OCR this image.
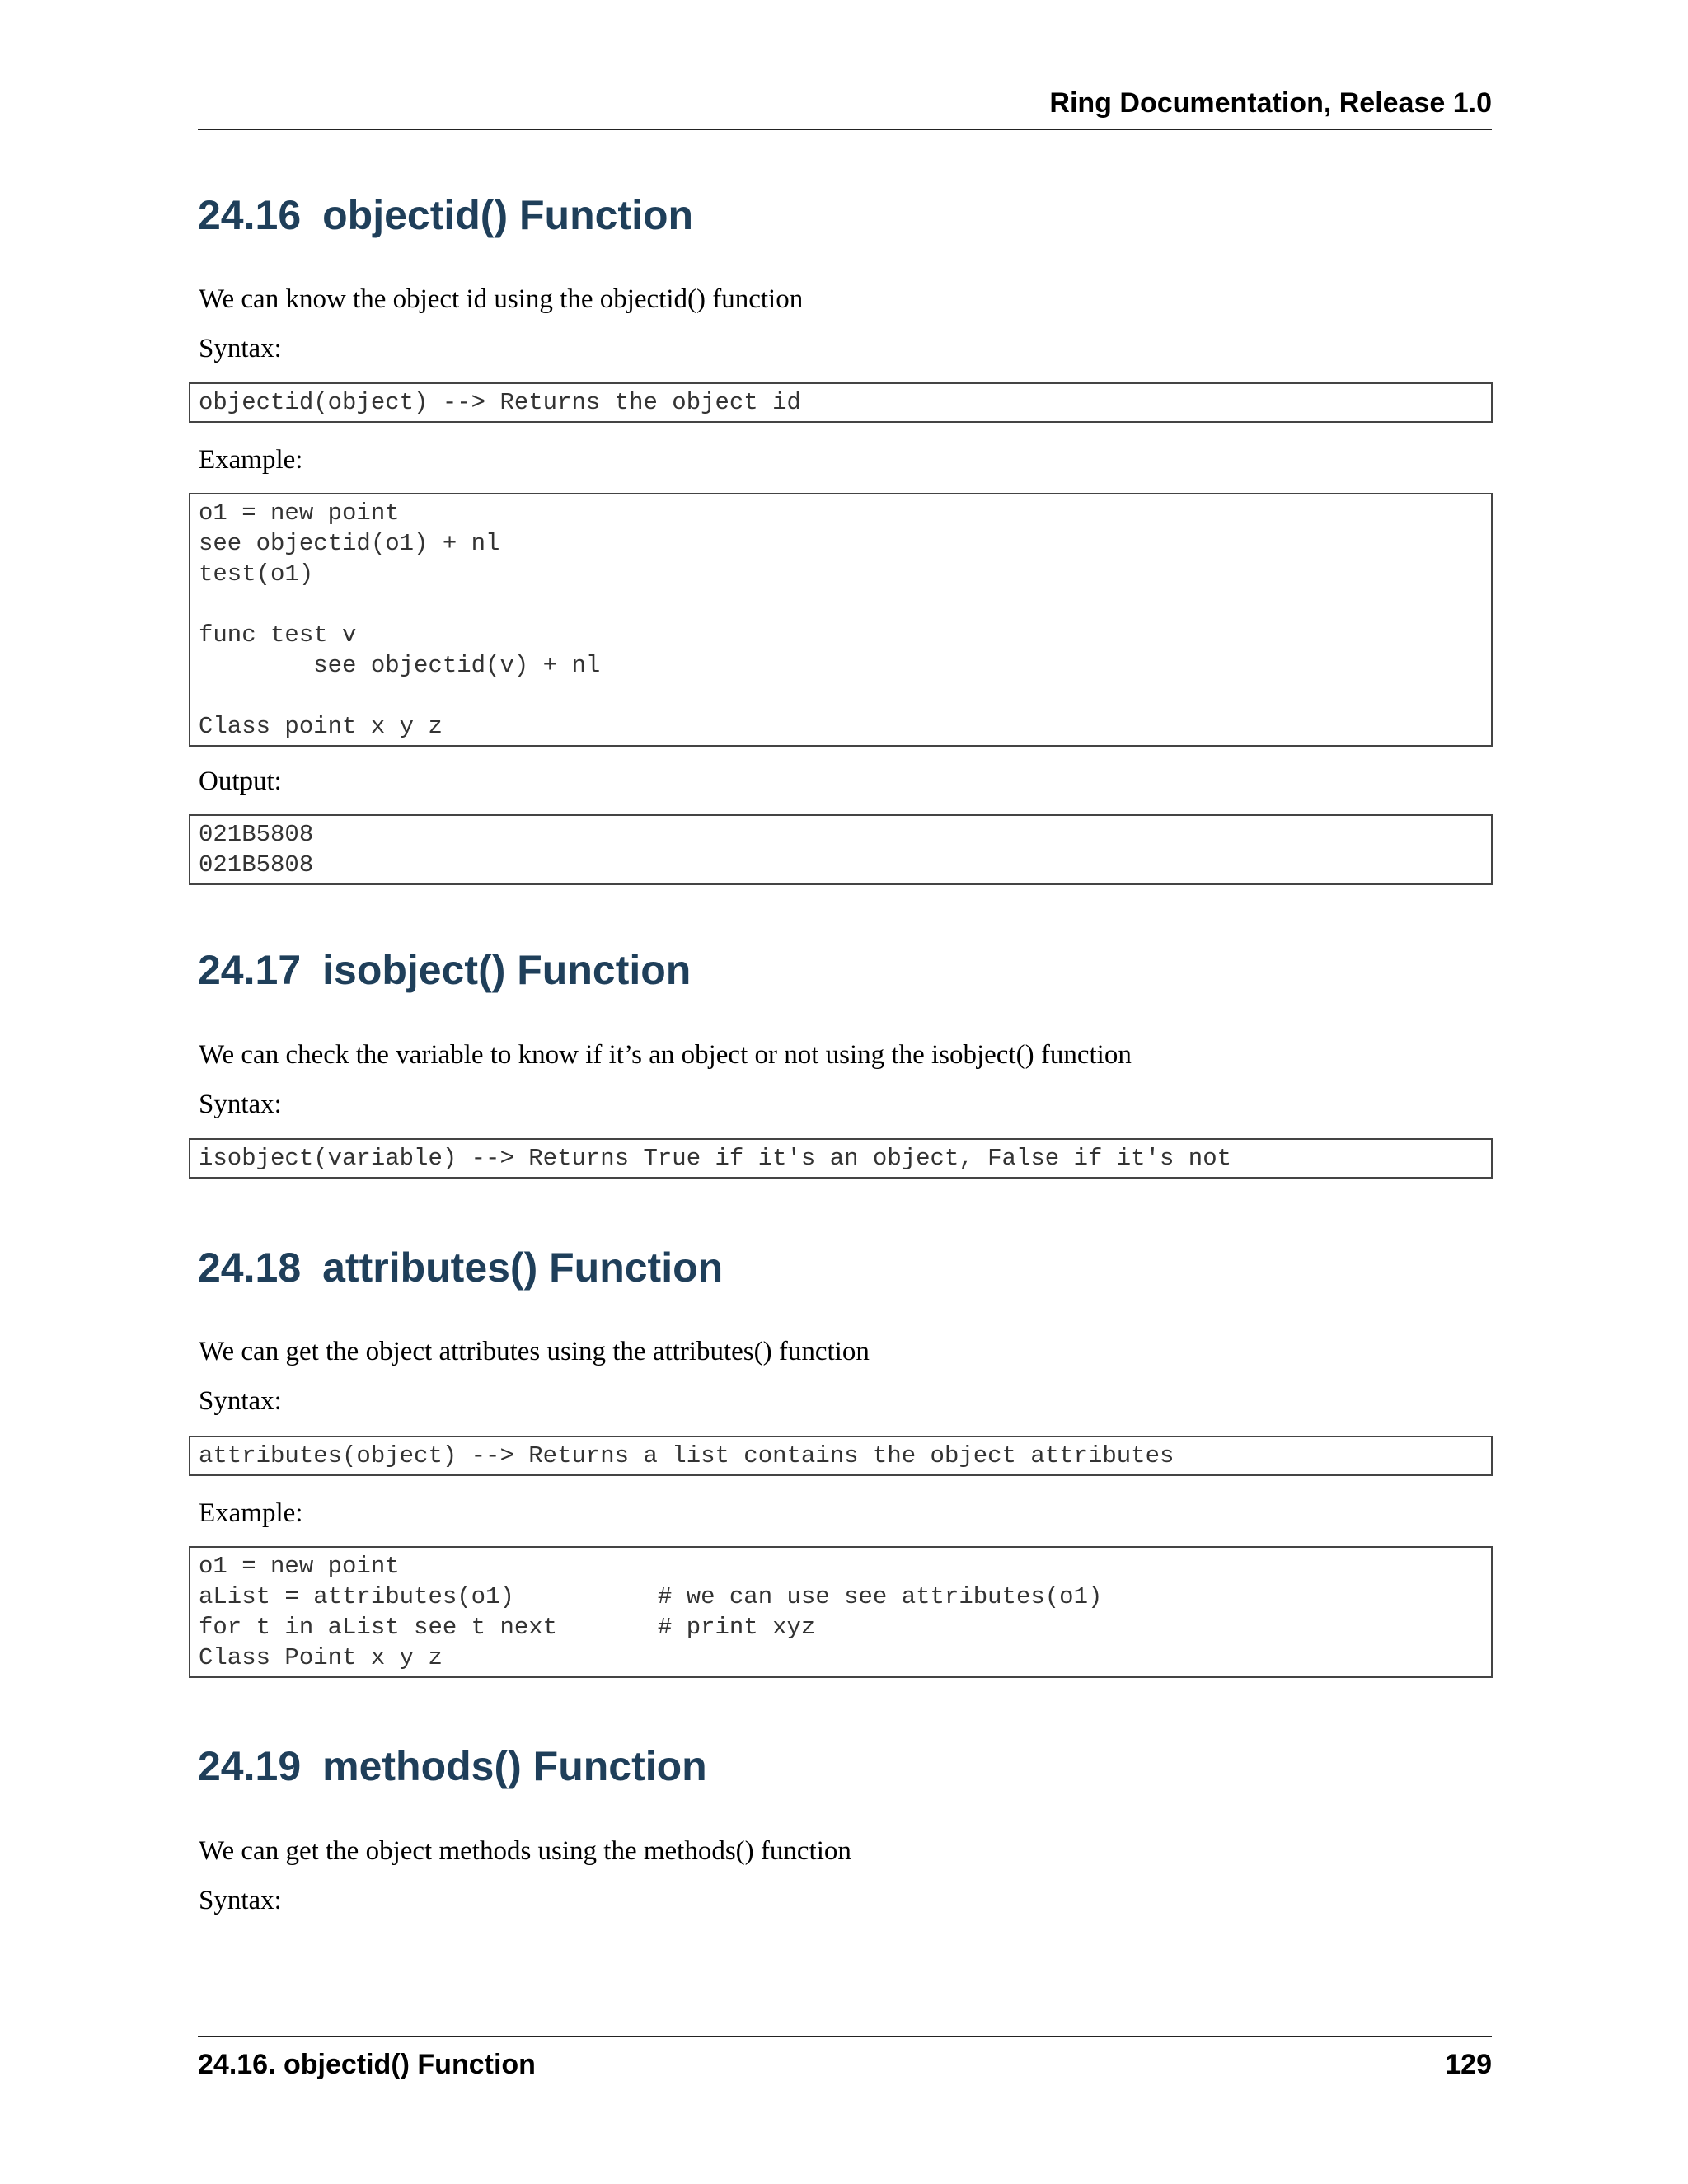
Ring Documentation, Release 1.0
24.16 objectid() Function

We can know the object id using the objectid() function

Syntax:

objectid(object) --> Returns the object id

Example:

o1 = new point
see objectid(o1) + nl
test(o1)
func test v
see objectid(v) + nl
Class point x y z

Output:

021B5808
021B5808
24.17 isobject() Function

We can check the variable to know if it’s an object or not using the isobject() function

Syntax:

isobject(variable) --> Returns True if it's an object, False if it's not
24.18 attributes() Function

We can get the object attributes using the attributes() function

Syntax:

attributes(object) --> Returns a list contains the object attributes

Example:

o1 = new point
aList = attributes(o1)          # we can use see attributes(o1)
for t in aList see t next       # print xyz
Class Point x y z
24.19 methods() Function

We can get the object methods using the methods() function

Syntax:

24.16. objectid() Function	129
